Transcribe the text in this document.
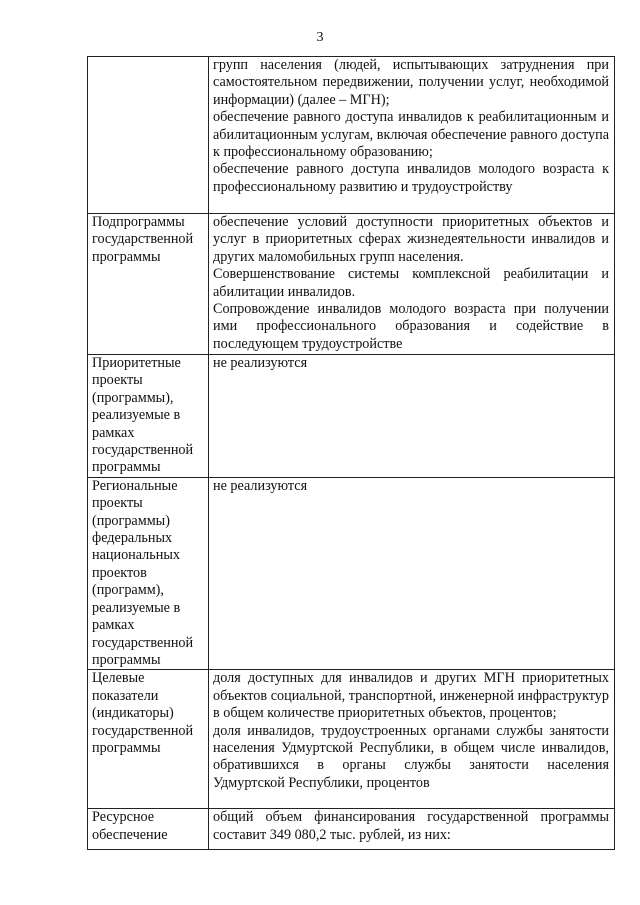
3

	групп населения (людей, испытывающих затруднения при самостоятельном передвижении, получении услуг, необходимой информации) (далее – МГН);

обеспечение равного доступа инвалидов к реабилитационным и абилитационным услугам, включая обеспечение равного доступа к профессиональному образованию;

обеспечение равного доступа инвалидов молодого возраста к профессиональному развитию и трудоустройству

Подпрограммы государственной программы	обеспечение условий доступности приоритетных объектов и услуг в приоритетных сферах жизнедеятельности инвалидов и других маломобильных групп населения.

Совершенствование системы комплексной реабилитации и абилитации инвалидов.

Сопровождение инвалидов молодого возраста при получении ими профессионального образования и содействие в последующем трудоустройстве

Приоритетные проекты (программы), реализуемые в рамках государственной программы	не реализуются

Региональные проекты (программы) федеральных национальных проектов (программ), реализуемые в рамках государственной программы	не реализуются

Целевые показатели (индикаторы) государственной программы	доля доступных для инвалидов и других МГН приоритетных объектов социальной, транспортной, инженерной инфраструктур в общем количестве приоритетных объектов, процентов;

доля инвалидов, трудоустроенных органами службы занятости населения Удмуртской Республики, в общем числе инвалидов, обратившихся в органы службы занятости населения Удмуртской Республики, процентов

Ресурсное обеспечение	общий объем финансирования государственной программы составит 349 080,2 тыс. рублей, из них:
